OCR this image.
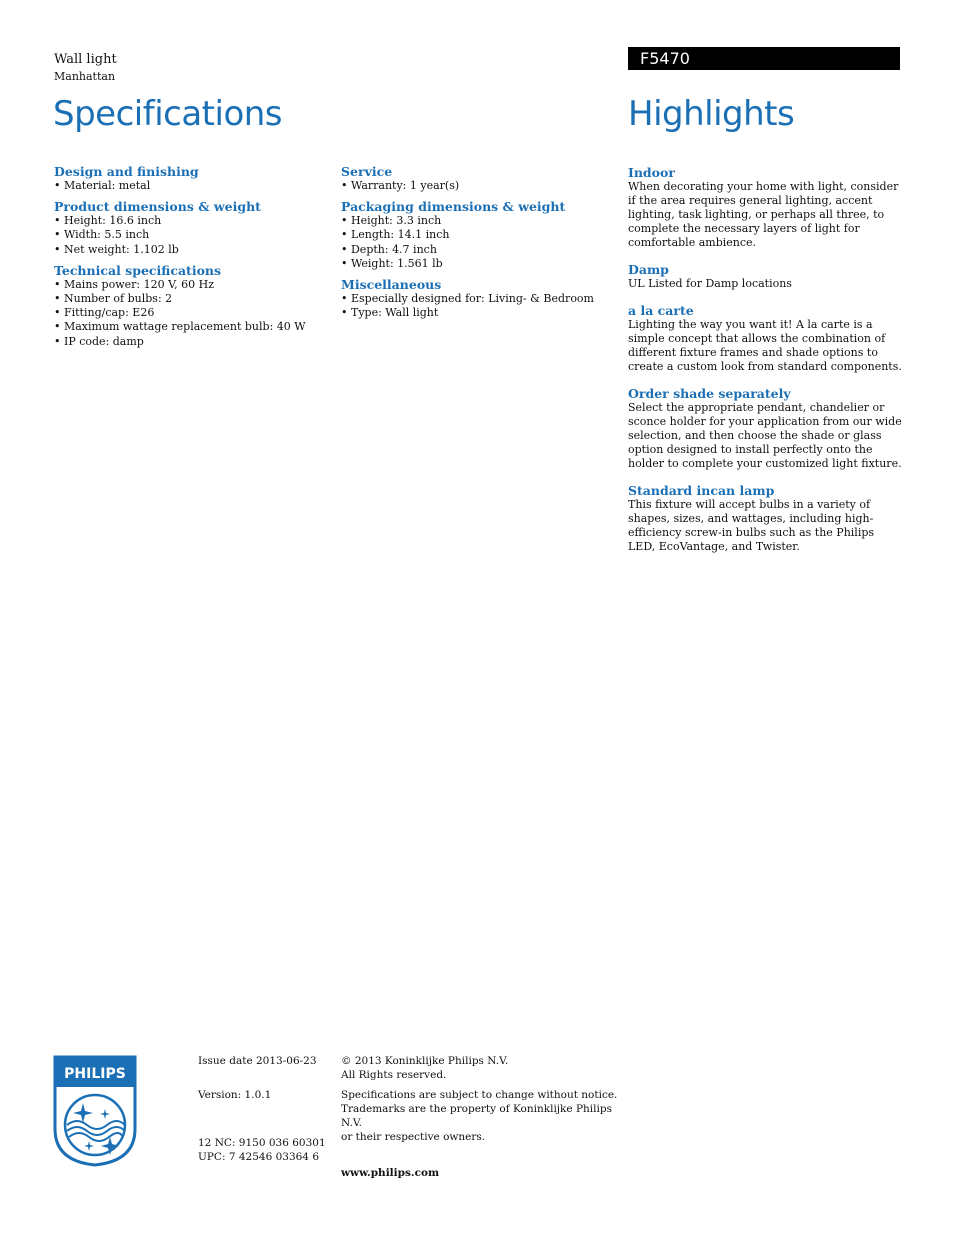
Wall light
Manhattan
F5470
Specifications	Highlights
Design and finishing
• Material: metal
Product dimensions & weight
• Height: 16.6 inch
• Width: 5.5 inch
• Net weight: 1.102 lb
Technical specifications
• Mains power: 120 V, 60 Hz
• Number of bulbs: 2
• Fitting/cap: E26
• Maximum wattage replacement bulb: 40 W
• IP code: damp
Service
• Warranty: 1 year(s)
Packaging dimensions & weight
• Height: 3.3 inch
• Length: 14.1 inch
• Depth: 4.7 inch
• Weight: 1.561 lb
Miscellaneous
• Especially designed for: Living- & Bedroom
• Type: Wall light
Indoor
When decorating your home with light, consider if the area requires general lighting, accent lighting, task lighting, or perhaps all three, to complete the necessary layers of light for comfortable ambience.
Damp
UL Listed for Damp locations
a la carte
Lighting the way you want it! A la carte is a simple concept that allows the combination of different fixture frames and shade options to create a custom look from standard components.
Order shade separately
Select the appropriate pendant, chandelier or sconce holder for your application from our wide selection, and then choose the shade or glass option designed to install perfectly onto the holder to complete your customized light fixture.
Standard incan lamp
This fixture will accept bulbs in a variety of shapes, sizes, and wattages, including high-efficiency screw-in bulbs such as the Philips LED, EcoVantage, and Twister.
PHILIPS
Issue date 2013-06-23
Version: 1.0.1
12 NC: 9150 036 60301
UPC: 7 42546 03364 6
© 2013 Koninklijke Philips N.V.
All Rights reserved.
Specifications are subject to change without notice.
Trademarks are the property of Koninklijke Philips N.V.
or their respective owners.
www.philips.com
